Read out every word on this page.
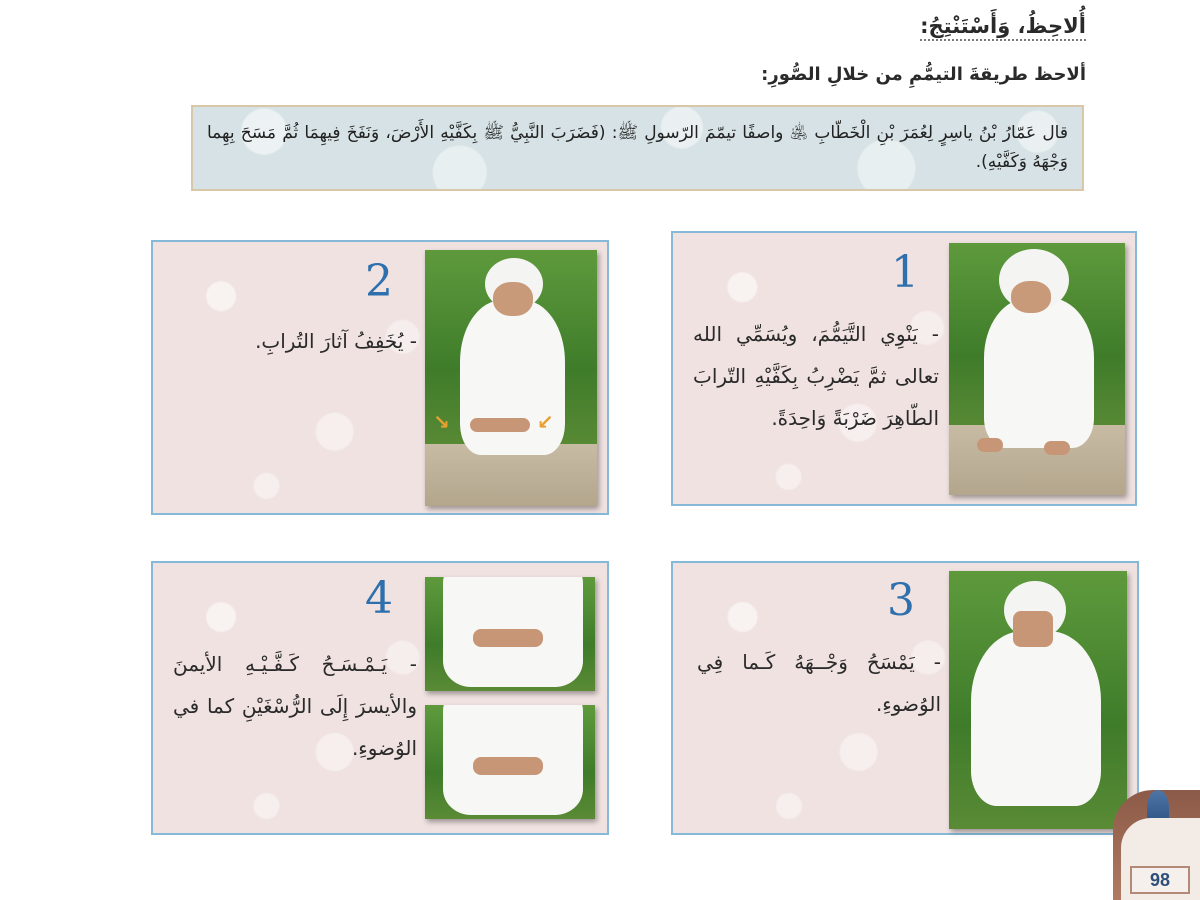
أُلاحِظُ، وَأَسْتَنْتِجُ:
ألاحظ طريقةَ التيمُّمِ من خلالِ الصُّورِ:
قال عَمّارُ بْنُ ياسِرٍ لِعُمَرَ بْنِ الْخَطّابِ ﵁ واصفًا تيمّمَ الرّسولِ ﷺ: (فَضَرَبَ النَّبِيُّ ﷺ بِكَفَّيْهِ الأَرْضَ، وَنَفَخَ فِيهِمَا ثُمَّ مَسَحَ بِهِما وَجْهَهُ وَكَفَّيْهِ).
1
- يَنْوِي التَّيَمُّمَ، ويُسَمِّي الله تعالى ثمَّ يَضْرِبُ بِكَفَّيْهِ التّرابَ الطّاهِرَ ضَرْبَةً وَاحِدَةً.
↘	↙
2
- يُخَفِفُ آثارَ التُرابِ.
3
- يَمْسَحُ وَجْــهَهُ كَـما فِي الوُضوءِ.
4
- يَـمْـسَـحُ كَـفَّـيْـهِ الأيمنَ والأيسرَ إِلَى الرُّسْغَيْنِ كما في الوُضوءِ.
98
